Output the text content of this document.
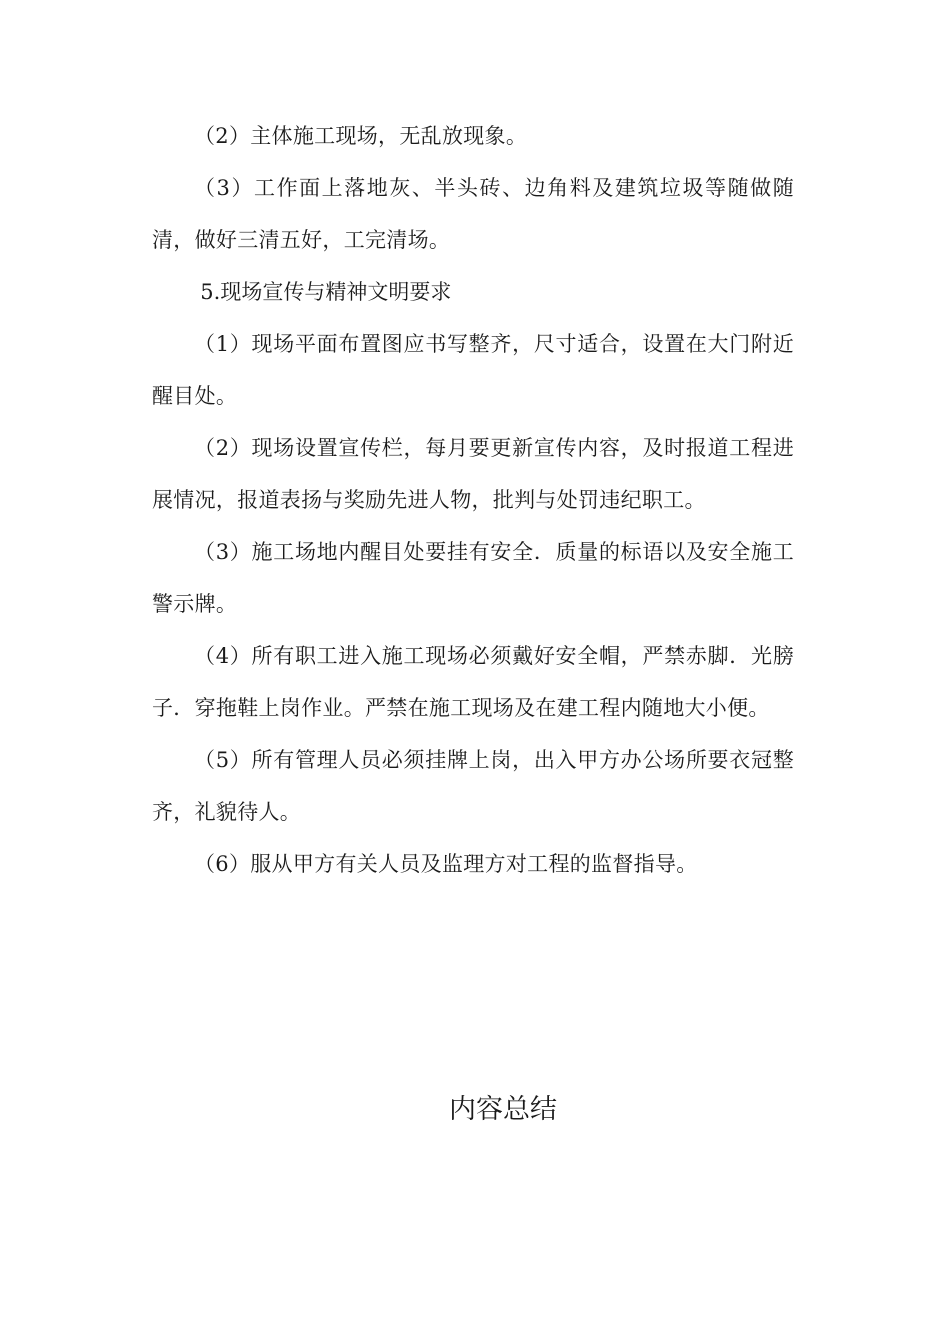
（2）主体施工现场，无乱放现象。

（3）工作面上落地灰、半头砖、边角料及建筑垃圾等随做随清，做好三清五好，工完清场。

5.现场宣传与精神文明要求

（1）现场平面布置图应书写整齐，尺寸适合，设置在大门附近醒目处。

（2）现场设置宣传栏，每月要更新宣传内容，及时报道工程进展情况，报道表扬与奖励先进人物，批判与处罚违纪职工。

（3）施工场地内醒目处要挂有安全．质量的标语以及安全施工警示牌。

（4）所有职工进入施工现场必须戴好安全帽，严禁赤脚．光膀子．穿拖鞋上岗作业。严禁在施工现场及在建工程内随地大小便。

（5）所有管理人员必须挂牌上岗，出入甲方办公场所要衣冠整齐，礼貌待人。

（6）服从甲方有关人员及监理方对工程的监督指导。

内容总结
